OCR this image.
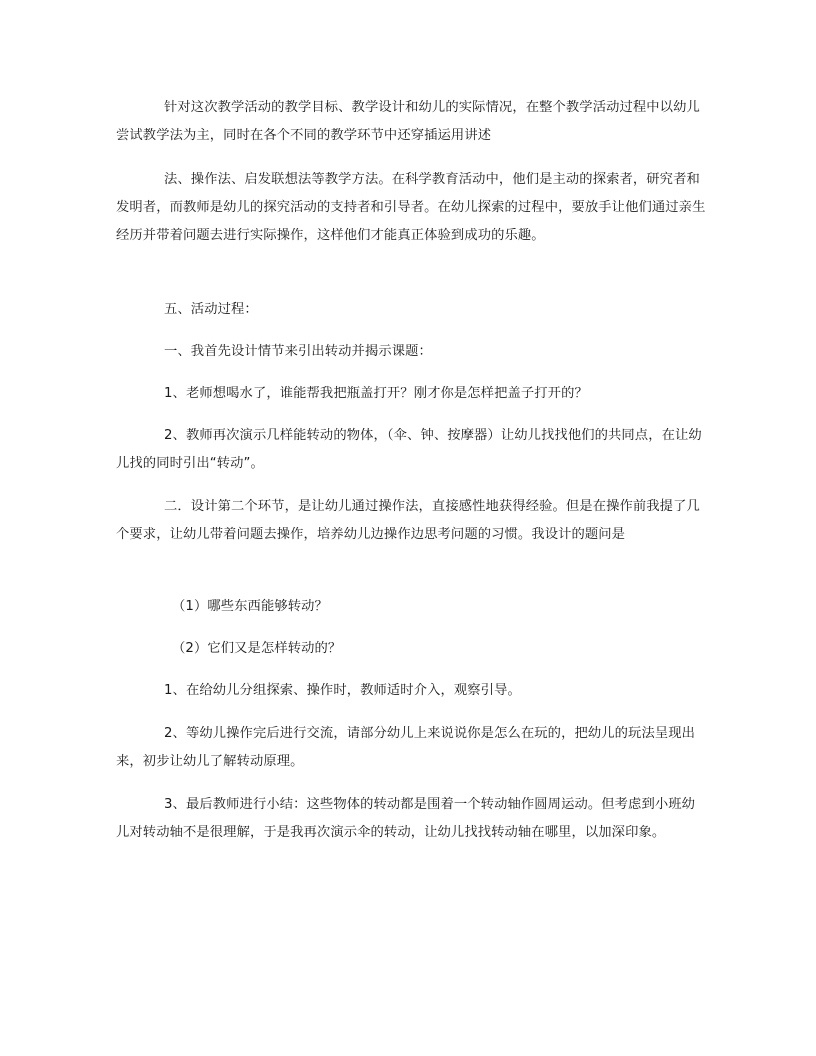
针对这次教学活动的教学目标、教学设计和幼儿的实际情况，在整个教学活动过程中以幼儿尝试教学法为主，同时在各个不同的教学环节中还穿插运用讲述

法、操作法、启发联想法等教学方法。在科学教育活动中，他们是主动的探索者，研究者和发明者，而教师是幼儿的探究活动的支持者和引导者。在幼儿探索的过程中，要放手让他们通过亲生经历并带着问题去进行实际操作，这样他们才能真正体验到成功的乐趣。

五、活动过程：

一、我首先设计情节来引出转动并揭示课题：

1、老师想喝水了，谁能帮我把瓶盖打开？刚才你是怎样把盖子打开的？

2、教师再次演示几样能转动的物体，（伞、钟、按摩器）让幼儿找找他们的共同点，在让幼儿找的同时引出“转动”。

二．设计第二个环节，是让幼儿通过操作法，直接感性地获得经验。但是在操作前我提了几个要求，让幼儿带着问题去操作，培养幼儿边操作边思考问题的习惯。我设计的题问是

（1）哪些东西能够转动？

（2）它们又是怎样转动的？

1、在给幼儿分组探索、操作时，教师适时介入，观察引导。

2、等幼儿操作完后进行交流，请部分幼儿上来说说你是怎么在玩的，把幼儿的玩法呈现出来，初步让幼儿了解转动原理。

3、最后教师进行小结：这些物体的转动都是围着一个转动轴作圆周运动。但考虑到小班幼儿对转动轴不是很理解，于是我再次演示伞的转动，让幼儿找找转动轴在哪里，以加深印象。
